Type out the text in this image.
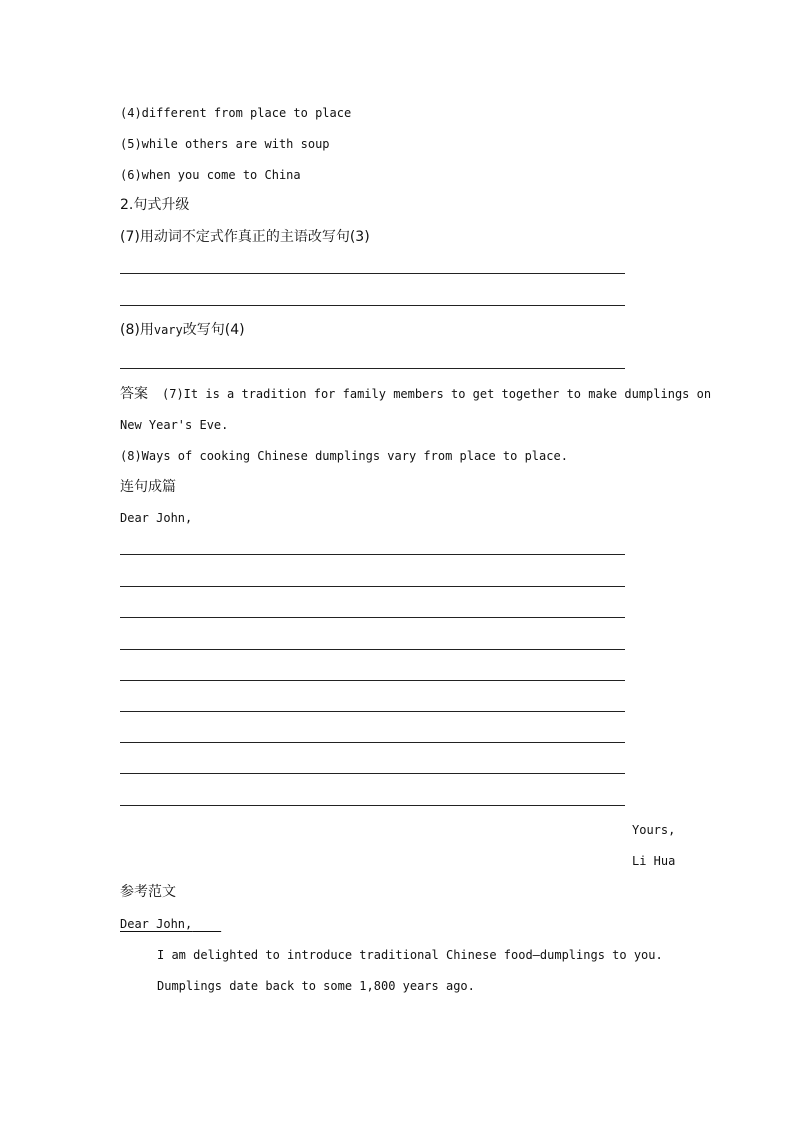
(4)different from place to place
(5)while others are with soup
(6)when you come to China
2.句式升级
(7)用动词不定式作真正的主语改写句(3)
(8)用vary改写句(4)
答案 (7)It is a tradition for family members to get together to make dumplings on
New Year's Eve.
(8)Ways of cooking Chinese dumplings vary from place to place.
连句成篇
Dear John,
Yours,
Li Hua
参考范文
Dear John,
I am delighted to introduce traditional Chinese food—dumplings to you.
Dumplings date back to some 1,800 years ago.
